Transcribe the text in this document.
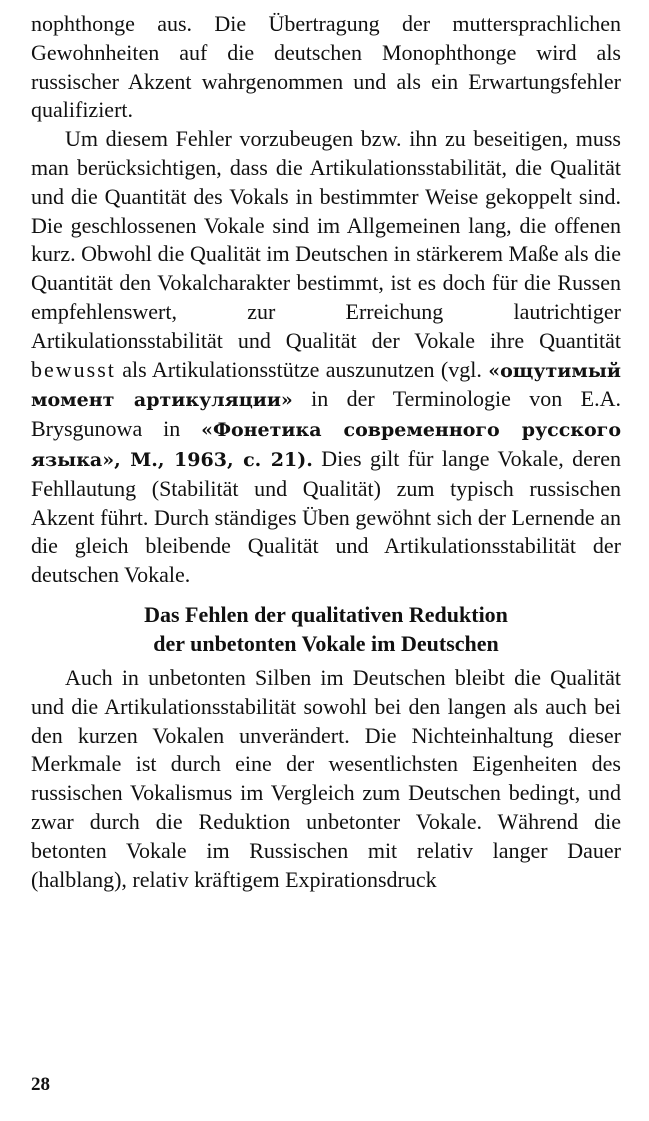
nophthonge aus. Die Übertragung der muttersprachlichen Gewohnheiten auf die deutschen Monophthonge wird als russischer Akzent wahrgenommen und als ein Erwartungsfehler qualifiziert.

Um diesem Fehler vorzubeugen bzw. ihn zu beseitigen, muss man berücksichtigen, dass die Artikulationsstabilität, die Qualität und die Quantität des Vokals in bestimmter Weise gekoppelt sind. Die geschlossenen Vokale sind im Allgemeinen lang, die offenen kurz. Obwohl die Qualität im Deutschen in stärkerem Maße als die Quantität den Vokalcharakter bestimmt, ist es doch für die Russen empfehlenswert, zur Erreichung lautrichtiger Artikulationsstabilität und Qualität der Vokale ihre Quantität bewusst als Artikulationsstütze auszunutzen (vgl. «ощутимый момент артикуляции» in der Terminologie von E.A. Brysgunowa in «Фонетика современного русского языка», М., 1963, с. 21). Dies gilt für lange Vokale, deren Fehllautung (Stabilität und Qualität) zum typisch russischen Akzent führt. Durch ständiges Üben gewöhnt sich der Lernende an die gleich bleibende Qualität und Artikulationsstabilität der deutschen Vokale.

Das Fehlen der qualitativen Reduktion
der unbetonten Vokale im Deutschen

Auch in unbetonten Silben im Deutschen bleibt die Qualität und die Artikulationsstabilität sowohl bei den langen als auch bei den kurzen Vokalen unverändert. Die Nichteinhaltung dieser Merkmale ist durch eine der wesentlichsten Eigenheiten des russischen Vokalismus im Vergleich zum Deutschen bedingt, und zwar durch die Reduktion unbetonter Vokale. Während die betonten Vokale im Russischen mit relativ langer Dauer (halblang), relativ kräftigem Expirationsdruck

28
